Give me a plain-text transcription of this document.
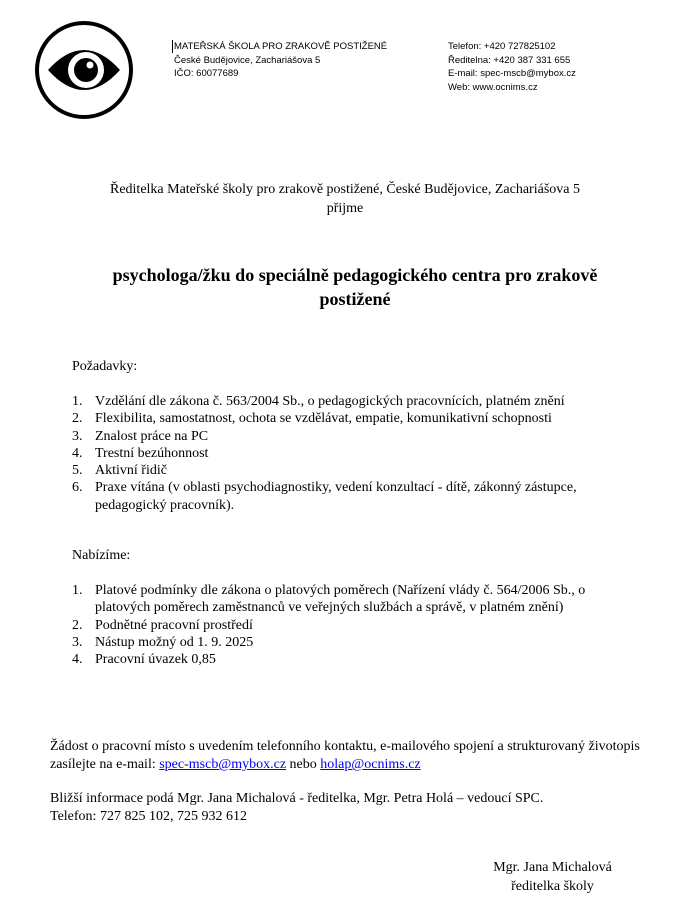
MATEŘSKÁ ŠKOLA PRO ZRAKOVĚ POSTIŽENÉ
České Budějovice, Zachariášova 5
IČO: 60077689
Telefon: +420 727825102
Ředitelna: +420 387 331 655
E-mail: spec-mscb@mybox.cz
Web: www.ocnims.cz
Ředitelka Mateřské školy pro zrakově postižené, České Budějovice, Zachariášova 5
přijme
psychologa/žku do speciálně pedagogického centra pro zrakově
postižené
Požadavky:
1. Vzdělání dle zákona č. 563/2004 Sb., o pedagogických pracovnících, platném znění
2. Flexibilita, samostatnost, ochota se vzdělávat, empatie, komunikativní schopnosti
3. Znalost práce na PC
4. Trestní bezúhonnost
5. Aktivní řidič
6. Praxe vítána (v oblasti psychodiagnostiky, vedení konzultací - dítě, zákonný zástupce, pedagogický pracovník).
Nabízíme:
1. Platové podmínky dle zákona o platových poměrech (Nařízení vlády č. 564/2006 Sb., o platových poměrech zaměstnanců ve veřejných službách a správě, v platném znění)
2. Podnětné pracovní prostředí
3. Nástup možný od 1. 9. 2025
4. Pracovní úvazek 0,85
Žádost o pracovní místo s uvedením telefonního kontaktu, e-mailového spojení a strukturovaný životopis zasílejte na e-mail: spec-mscb@mybox.cz nebo holap@ocnims.cz
Bližší informace podá Mgr. Jana Michalová - ředitelka, Mgr. Petra Holá – vedoucí SPC.
Telefon: 727 825 102, 725 932 612
Mgr. Jana Michalová
ředitelka školy
